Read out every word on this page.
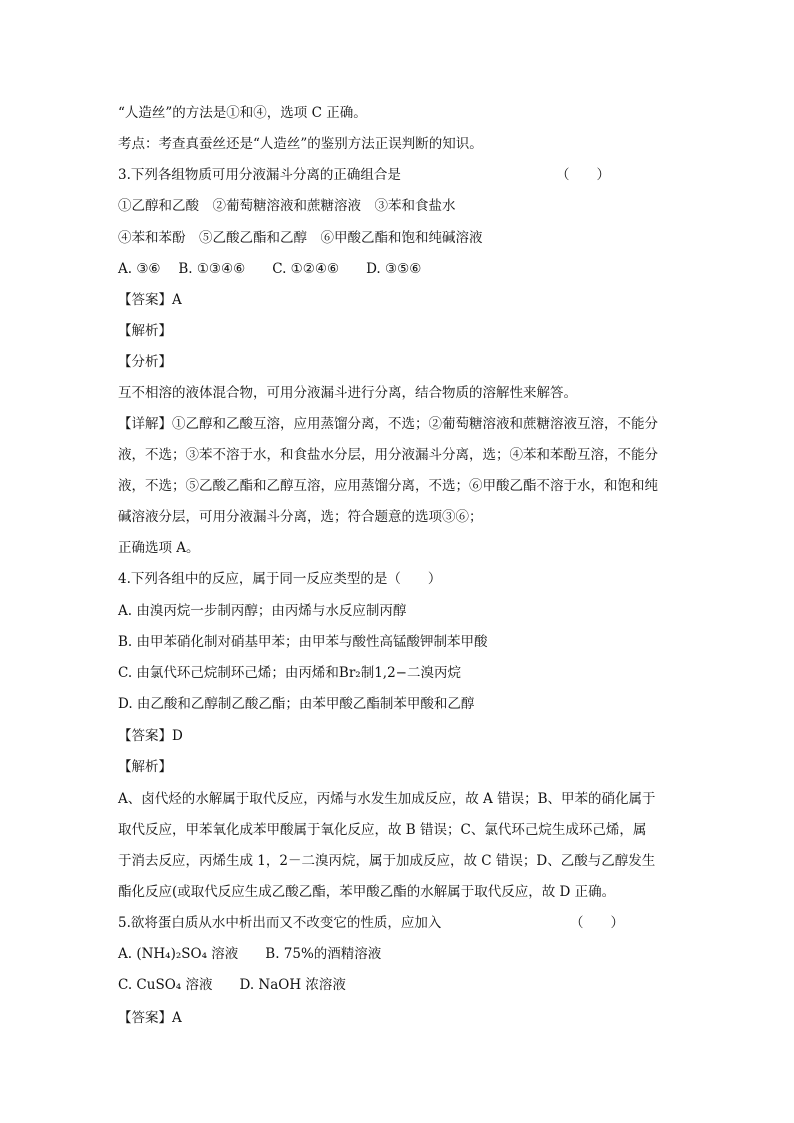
“人造丝”的方法是①和④，选项 C 正确。
考点：考查真蚕丝还是“人造丝”的鉴别方法正误判断的知识。
3.下列各组物质可用分液漏斗分离的正确组合是	（　　）
①乙醇和乙酸　②葡萄糖溶液和蔗糖溶液　③苯和食盐水
④苯和苯酚　⑤乙酸乙酯和乙醇　⑥甲酸乙酯和饱和纯碱溶液
A. ③⑥　 B. ①③④⑥　　C. ①②④⑥　　D. ③⑤⑥
【答案】A
【解析】
【分析】
互不相溶的液体混合物，可用分液漏斗进行分离，结合物质的溶解性来解答。
【详解】①乙醇和乙酸互溶，应用蒸馏分离，不选；②葡萄糖溶液和蔗糖溶液互溶，不能分
液，不选；③苯不溶于水，和食盐水分层，用分液漏斗分离，选；④苯和苯酚互溶，不能分
液，不选；⑤乙酸乙酯和乙醇互溶，应用蒸馏分离，不选；⑥甲酸乙酯不溶于水，和饱和纯
碱溶液分层，可用分液漏斗分离，选；符合题意的选项③⑥；
正确选项 A。
4.下列各组中的反应，属于同一反应类型的是（　　）
A. 由溴丙烷一步制丙醇；由丙烯与水反应制丙醇
B. 由甲苯硝化制对硝基甲苯；由甲苯与酸性高锰酸钾制苯甲酸
C. 由氯代环己烷制环己烯；由丙烯和Br₂制1,2−二溴丙烷
D. 由乙酸和乙醇制乙酸乙酯；由苯甲酸乙酯制苯甲酸和乙醇
【答案】D
【解析】
A、卤代烃的水解属于取代反应，丙烯与水发生加成反应，故 A 错误；B、甲苯的硝化属于
取代反应，甲苯氧化成苯甲酸属于氧化反应，故 B 错误；C、氯代环己烷生成环己烯，属
于消去反应，丙烯生成 1，2－二溴丙烷，属于加成反应，故 C 错误；D、乙酸与乙醇发生
酯化反应(或取代反应生成乙酸乙酯，苯甲酸乙酯的水解属于取代反应，故 D 正确。
5.欲将蛋白质从水中析出而又不改变它的性质，应加入	（　　）
A. (NH₄)₂SO₄ 溶液　　B. 75%的酒精溶液
C. CuSO₄ 溶液　　D. NaOH 浓溶液
【答案】A
